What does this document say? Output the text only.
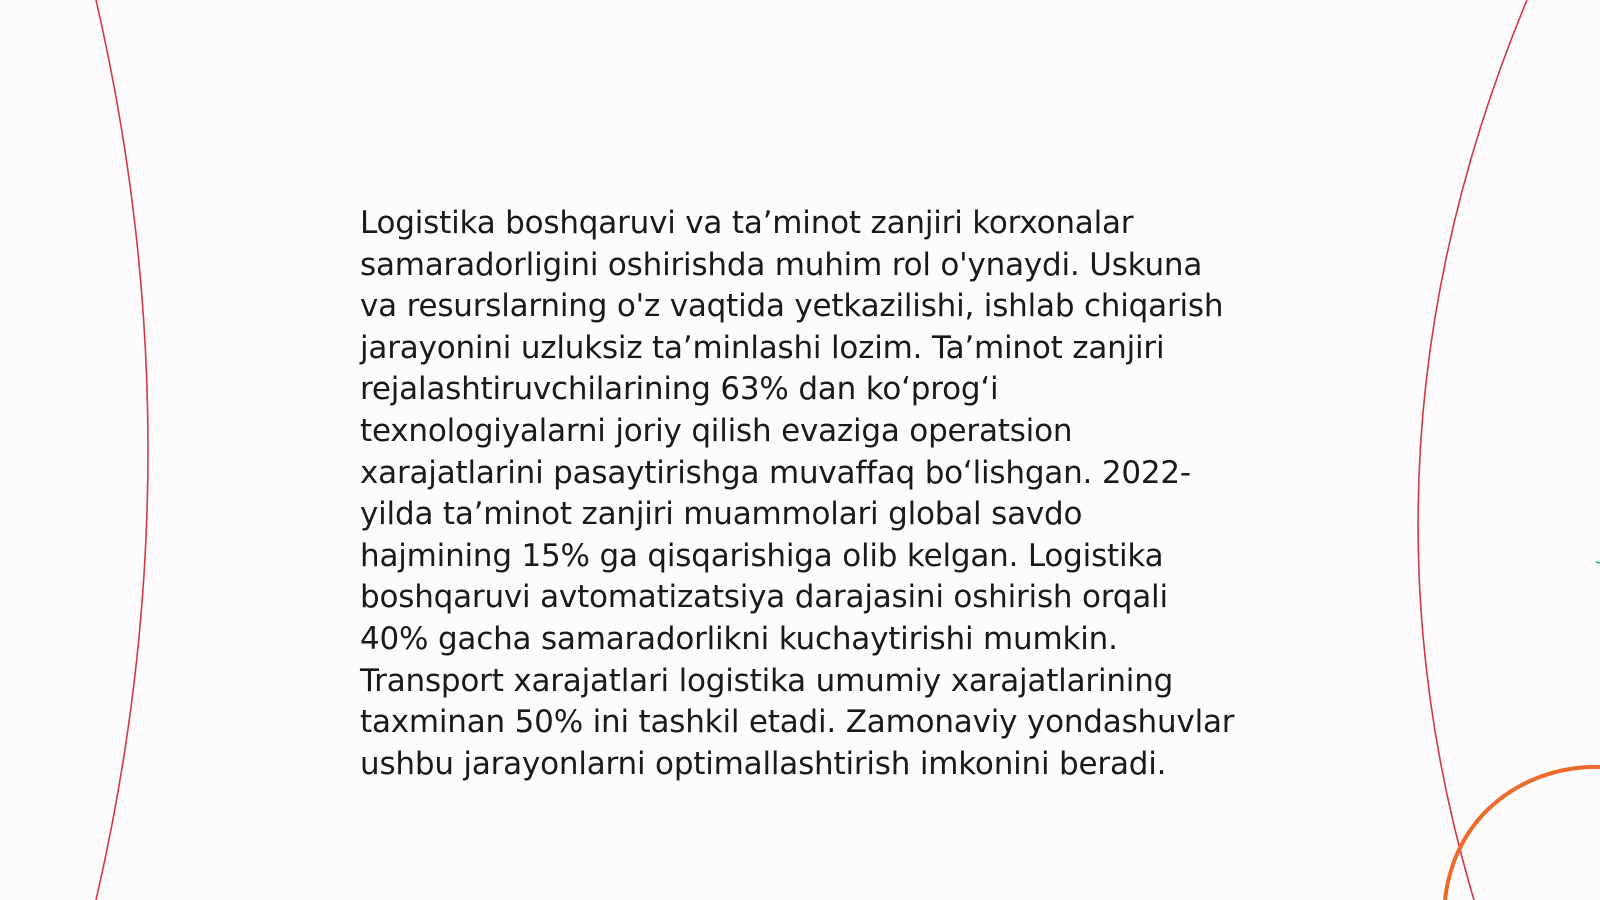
Logistika boshqaruvi va ta’minot zanjiri korxonalar samaradorligini oshirishda muhim rol o'ynaydi. Uskuna va resurslarning o'z vaqtida yetkazilishi, ishlab chiqarish jarayonini uzluksiz ta’minlashi lozim. Ta’minot zanjiri rejalashtiruvchilarining 63% dan ko‘prog‘i texnologiyalarni joriy qilish evaziga operatsion xarajatlarini pasaytirishga muvaffaq bo‘lishgan. 2022-yilda ta’minot zanjiri muammolari global savdo hajmining 15% ga qisqarishiga olib kelgan. Logistika boshqaruvi avtomatizatsiya darajasini oshirish orqali 40% gacha samaradorlikni kuchaytirishi mumkin. Transport xarajatlari logistika umumiy xarajatlarining taxminan 50% ini tashkil etadi. Zamonaviy yondashuvlar ushbu jarayonlarni optimallashtirish imkonini beradi.
